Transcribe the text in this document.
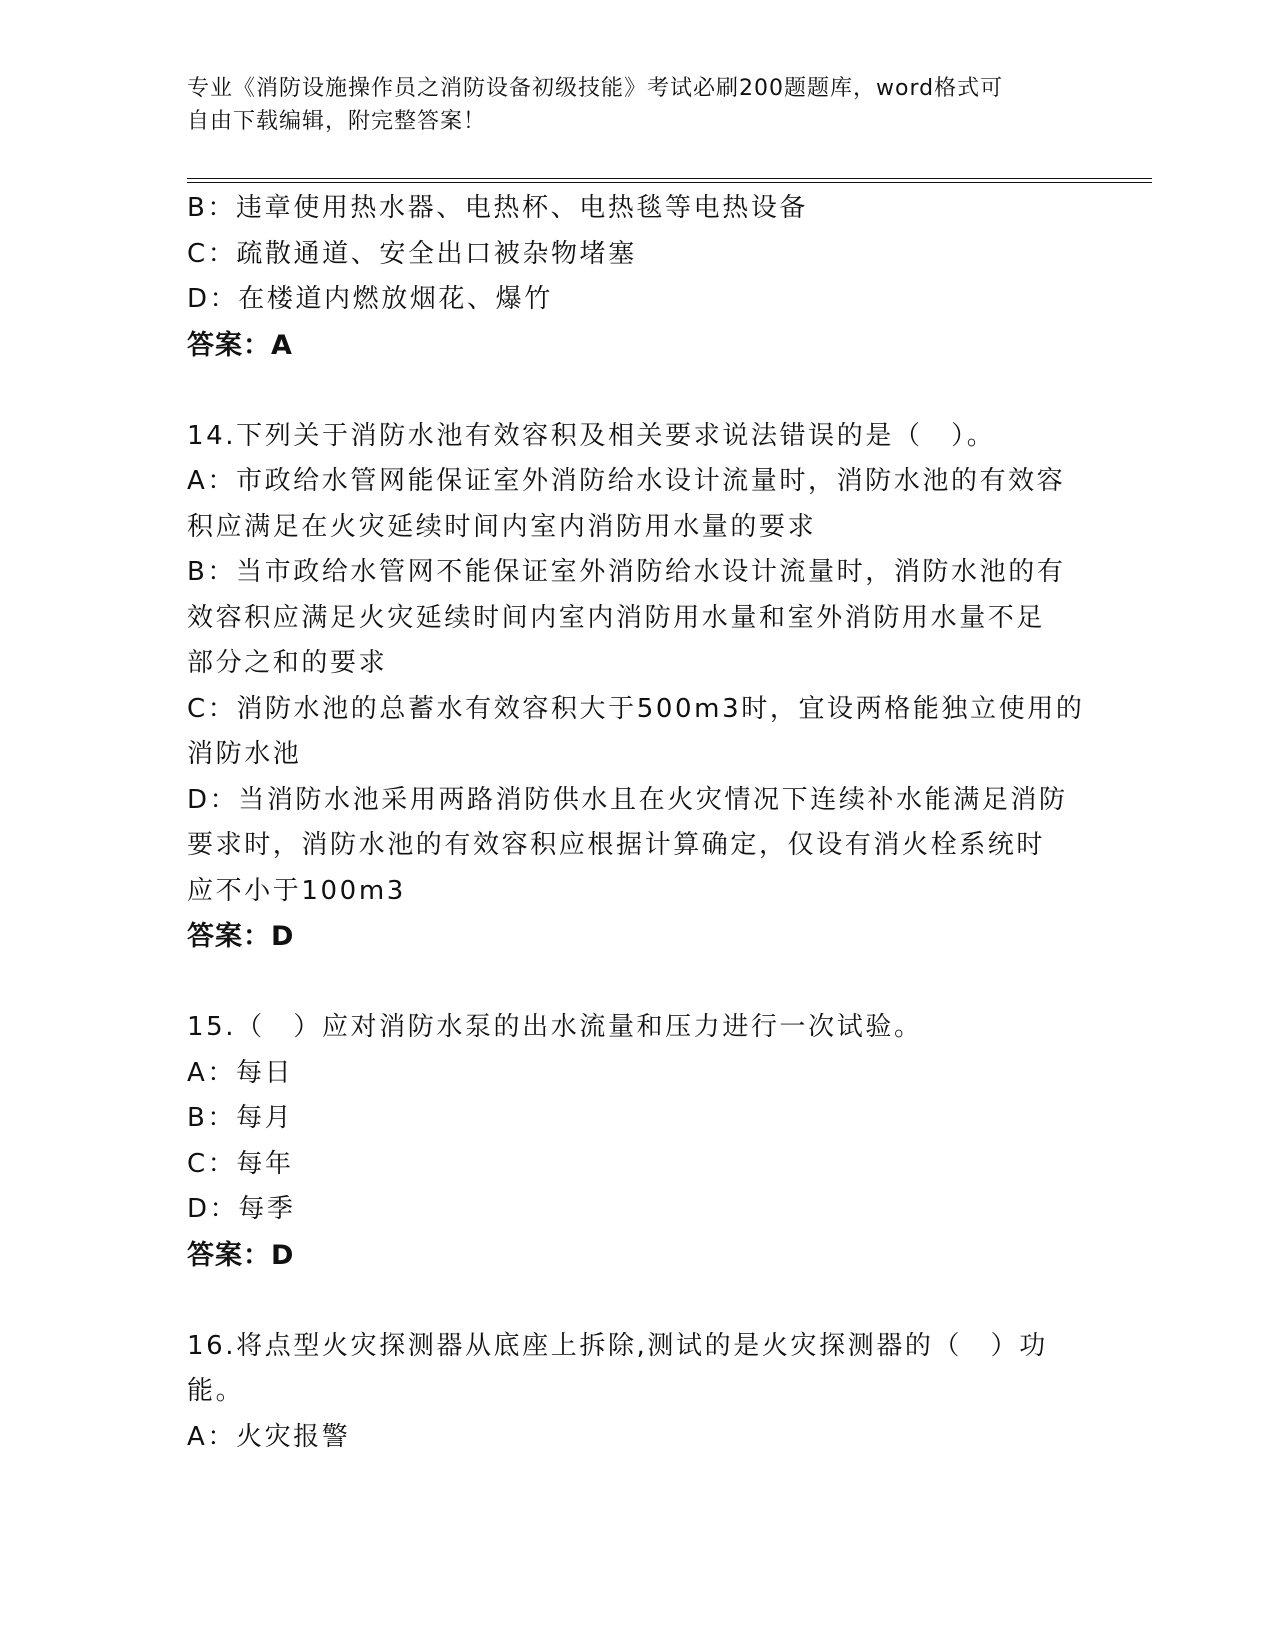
专业《消防设施操作员之消防设备初级技能》考试必刷200题题库，word格式可
自由下载编辑，附完整答案！
B：违章使用热水器、电热杯、电热毯等电热设备
C：疏散通道、安全出口被杂物堵塞
D：在楼道内燃放烟花、爆竹
答案：A
14.下列关于消防水池有效容积及相关要求说法错误的是（　）。
A：市政给水管网能保证室外消防给水设计流量时，消防水池的有效容
积应满足在火灾延续时间内室内消防用水量的要求
B：当市政给水管网不能保证室外消防给水设计流量时，消防水池的有
效容积应满足火灾延续时间内室内消防用水量和室外消防用水量不足
部分之和的要求
C：消防水池的总蓄水有效容积大于500m3时，宜设两格能独立使用的
消防水池
D：当消防水池采用两路消防供水且在火灾情况下连续补水能满足消防
要求时，消防水池的有效容积应根据计算确定，仅设有消火栓系统时
应不小于100m3
答案：D
15.（　）应对消防水泵的出水流量和压力进行一次试验。
A：每日
B：每月
C：每年
D：每季
答案：D
16.将点型火灾探测器从底座上拆除,测试的是火灾探测器的（　）功
能。
A：火灾报警
